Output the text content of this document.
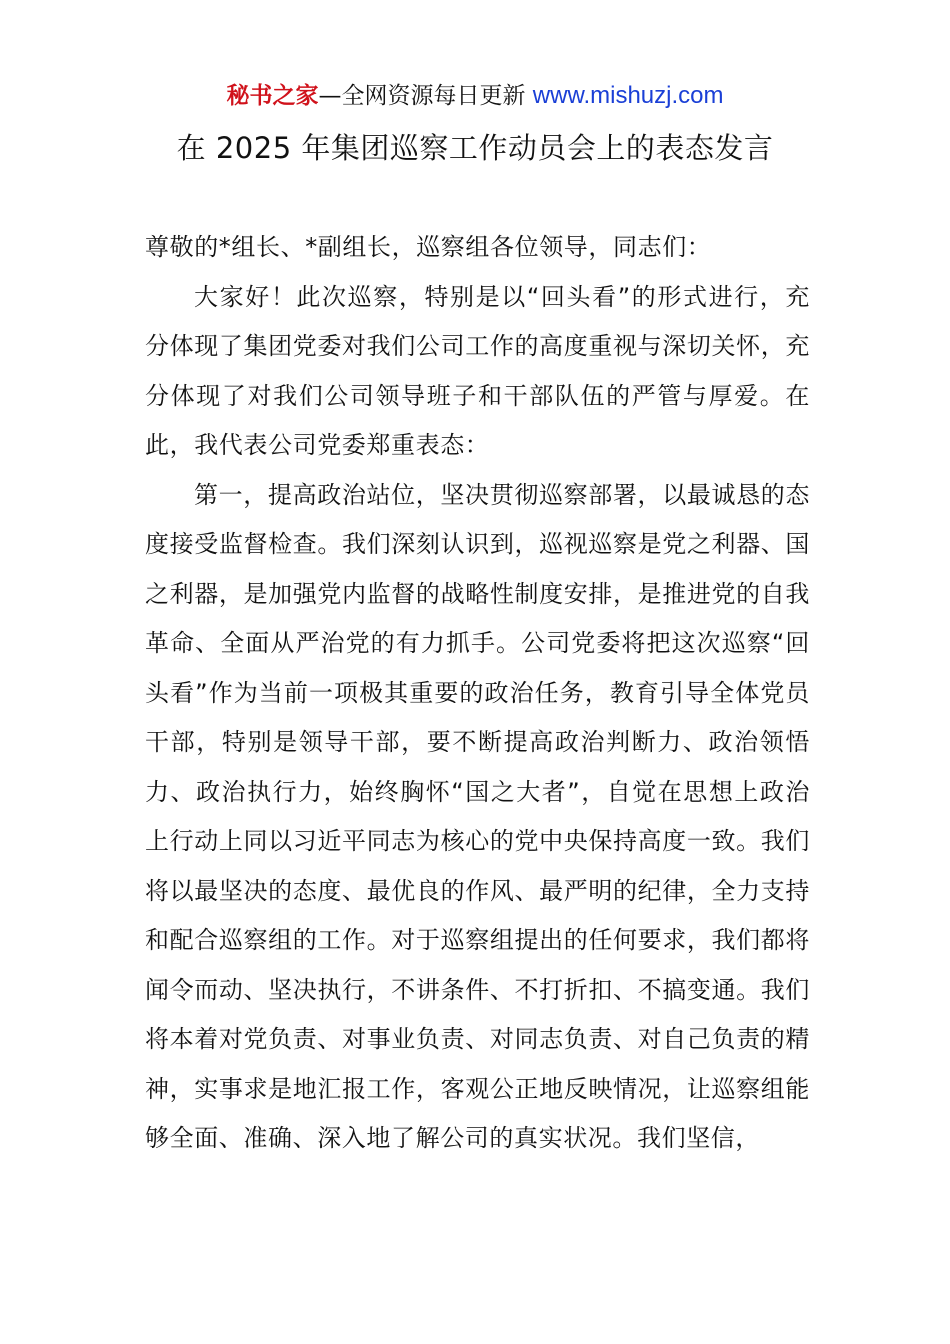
秘书之家—全网资源每日更新 www.mishuzj.com
在 2025 年集团巡察工作动员会上的表态发言

尊敬的*组长、*副组长，巡察组各位领导，同志们：

大家好！此次巡察，特别是以“回头看”的形式进行，充分体现了集团党委对我们公司工作的高度重视与深切关怀，充分体现了对我们公司领导班子和干部队伍的严管与厚爱。在此，我代表公司党委郑重表态：

第一，提高政治站位，坚决贯彻巡察部署，以最诚恳的态度接受监督检查。我们深刻认识到，巡视巡察是党之利器、国之利器，是加强党内监督的战略性制度安排，是推进党的自我革命、全面从严治党的有力抓手。公司党委将把这次巡察“回头看”作为当前一项极其重要的政治任务，教育引导全体党员干部，特别是领导干部，要不断提高政治判断力、政治领悟力、政治执行力，始终胸怀“国之大者”，自觉在思想上政治上行动上同以习近平同志为核心的党中央保持高度一致。我们将以最坚决的态度、最优良的作风、最严明的纪律，全力支持和配合巡察组的工作。对于巡察组提出的任何要求，我们都将闻令而动、坚决执行，不讲条件、不打折扣、不搞变通。我们将本着对党负责、对事业负责、对同志负责、对自己负责的精神，实事求是地汇报工作，客观公正地反映情况，让巡察组能够全面、准确、深入地了解公司的真实状况。我们坚信，
